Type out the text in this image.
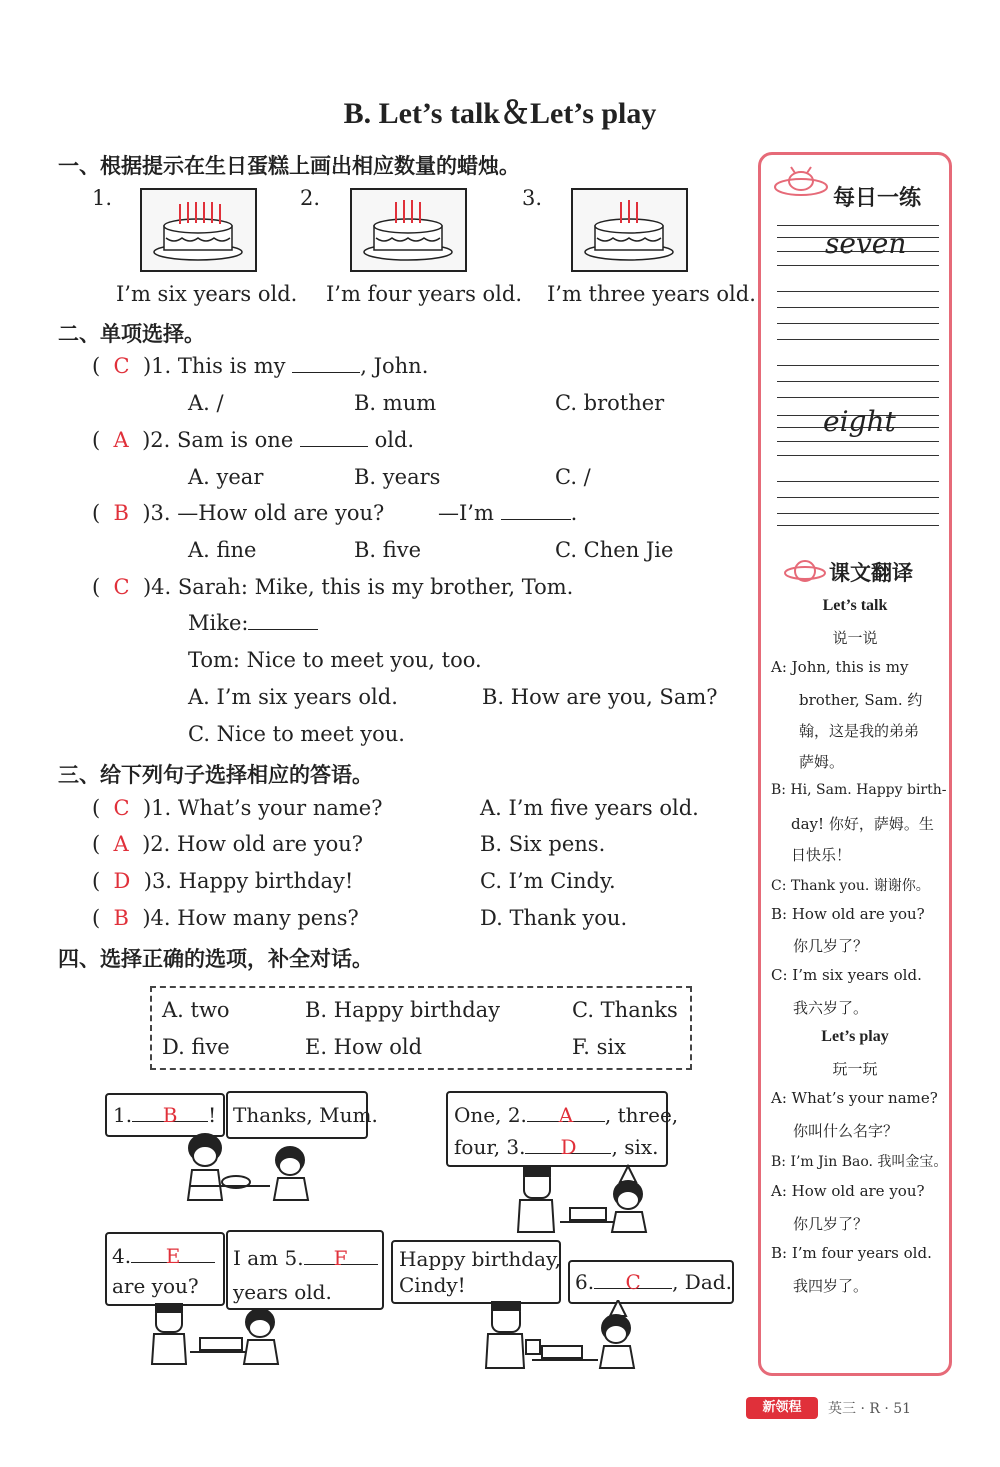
B. Let’s talk＆Let’s play
一、根据提示在生日蛋糕上画出相应数量的蜡烛。
1.	2.	3.
I’m six years old. I’m four years old. I’m three years old.
二、单项选择。
(  C )1. This is my	, John.
A. /	B. mum	C. brother
(  A )2. Sam is one	old.
A. year	B. years	C. /
(  B )3. —How old are you?	—I’m	.
A. fine	B. five	C. Chen Jie
(  C )4. Sarah: Mike, this is my brother, Tom.
Mike:
Tom: Nice to meet you, too.
A. I’m six years old.	B. How are you, Sam?
C. Nice to meet you.
三、给下列句子选择相应的答语。
(  C )1. What’s your name?	A. I’m five years old.
(  A )2. How old are you?	B. Six pens.
(  D )3. Happy birthday!	C. I’m Cindy.
(  B )4. How many pens?	D. Thank you.
四、选择正确的选项，补全对话。
A. two	B. Happy birthday	C. Thanks
D. five	E. How old	F. six
1. B ! Thanks, Mum.	One, 2. A , three,
four, 3. D , six.
4. E
are you?
I am 5. F
years old.
Happy birthday,
Cindy!	6. C , Dad.
每日一练
seven
eight
课文翻译
Let’s talk
说一说
A: John, this is my
brother, Sam. 约
翰，这是我的弟弟
萨姆。
B: Hi, Sam. Happy birth-
day! 你好，萨姆。生
日快乐！
C: Thank you. 谢谢你。
B: How old are you?
你几岁了？
C: I’m six years old.
我六岁了。
Let’s play
玩一玩
A: What’s your name?
你叫什么名字？
B: I’m Jin Bao. 我叫金宝。
A: How old are you?
你几岁了？
B: I’m four years old.
我四岁了。
新领程	英三 · R · 51
